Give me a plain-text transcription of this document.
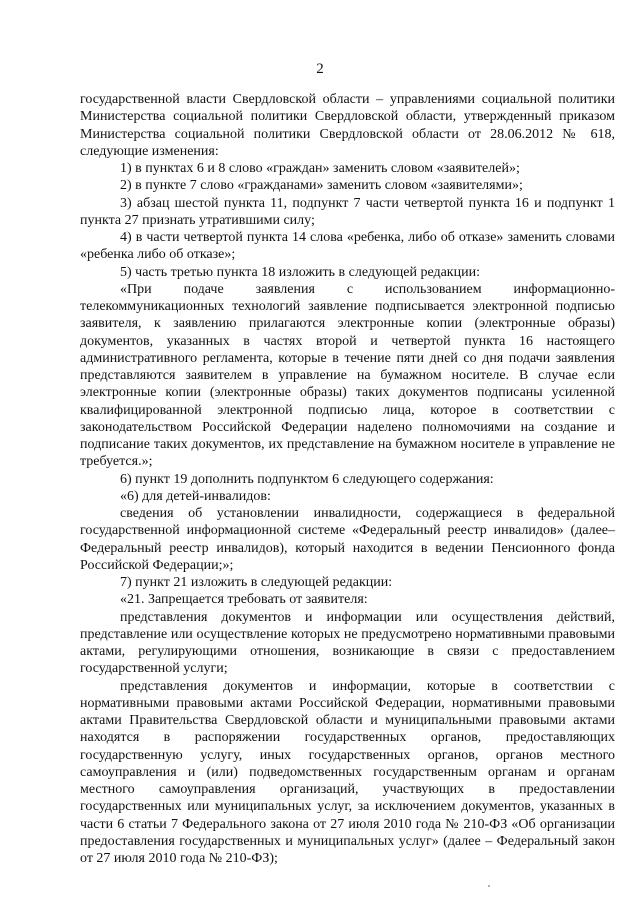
2

государственной власти Свердловской области – управлениями социальной политики Министерства социальной политики Свердловской области, утвержденный приказом Министерства социальной политики Свердловской области от 28.06.2012 № 618, следующие изменения:

1) в пунктах 6 и 8 слово «граждан» заменить словом «заявителей»;

2) в пункте 7 слово «гражданами» заменить словом «заявителями»;

3) абзац шестой пункта 11, подпункт 7 части четвертой пункта 16 и подпункт 1 пункта 27 признать утратившими силу;

4) в части четвертой пункта 14 слова «ребенка, либо об отказе» заменить словами «ребенка либо об отказе»;

5) часть третью пункта 18 изложить в следующей редакции:

«При подаче заявления с использованием информационно-телекоммуникационных технологий заявление подписывается электронной подписью заявителя, к заявлению прилагаются электронные копии (электронные образы) документов, указанных в частях второй и четвертой пункта 16 настоящего административного регламента, которые в течение пяти дней со дня подачи заявления представляются заявителем в управление на бумажном носителе. В случае если электронные копии (электронные образы) таких документов подписаны усиленной квалифицированной электронной подписью лица, которое в соответствии с законодательством Российской Федерации наделено полномочиями на создание и подписание таких документов, их представление на бумажном носителе в управление не требуется.»;

6) пункт 19 дополнить подпунктом 6 следующего содержания:

«6) для детей-инвалидов:

сведения об установлении инвалидности, содержащиеся в федеральной государственной информационной системе «Федеральный реестр инвалидов» (далее– Федеральный реестр инвалидов), который находится в ведении Пенсионного фонда Российской Федерации;»;

7) пункт 21 изложить в следующей редакции:

«21. Запрещается требовать от заявителя:

представления документов и информации или осуществления действий, представление или осуществление которых не предусмотрено нормативными правовыми актами, регулирующими отношения, возникающие в связи с предоставлением государственной услуги;

представления документов и информации, которые в соответствии с нормативными правовыми актами Российской Федерации, нормативными правовыми актами Правительства Свердловской области и муниципальными правовыми актами находятся в распоряжении государственных органов, предоставляющих государственную услугу, иных государственных органов, органов местного самоуправления и (или) подведомственных государственным органам и органам местного самоуправления организаций, участвующих в предоставлении государственных или муниципальных услуг, за исключением документов, указанных в части 6 статьи 7 Федерального закона от 27 июля 2010 года № 210-ФЗ «Об организации предоставления государственных и муниципальных услуг» (далее – Федеральный закон от 27 июля 2010 года № 210-ФЗ);
